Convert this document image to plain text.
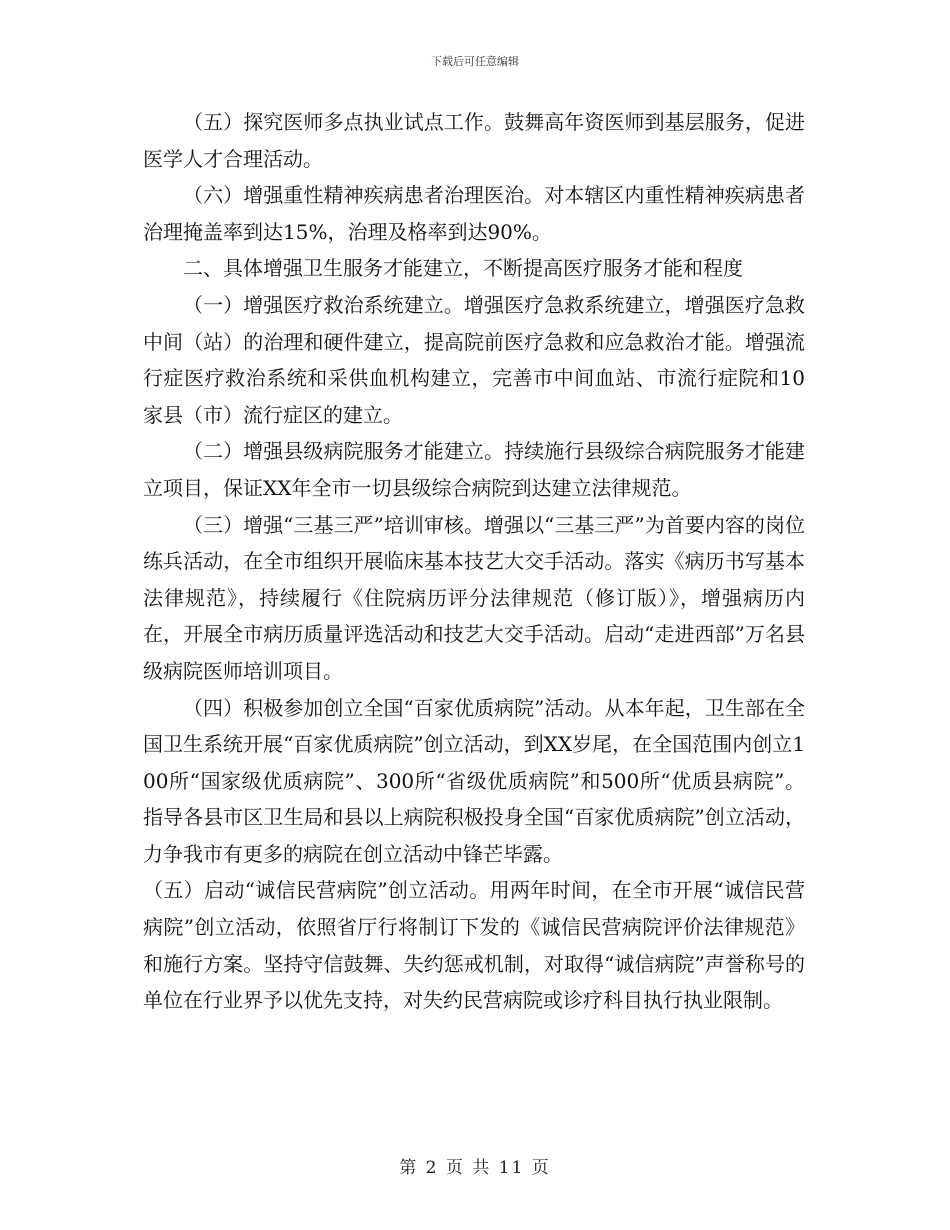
下载后可任意编辑

（五）探究医师多点执业试点工作。鼓舞高年资医师到基层服务，促进医学人才合理活动。

（六）增强重性精神疾病患者治理医治。对本辖区内重性精神疾病患者治理掩盖率到达15%，治理及格率到达90%。

二、具体增强卫生服务才能建立，不断提高医疗服务才能和程度

（一）增强医疗救治系统建立。增强医疗急救系统建立，增强医疗急救中间（站）的治理和硬件建立，提高院前医疗急救和应急救治才能。增强流行症医疗救治系统和采供血机构建立，完善市中间血站、市流行症院和10家县（市）流行症区的建立。

（二）增强县级病院服务才能建立。持续施行县级综合病院服务才能建立项目，保证XX年全市一切县级综合病院到达建立法律规范。

（三）增强“三基三严”培训审核。增强以“三基三严”为首要内容的岗位练兵活动，在全市组织开展临床基本技艺大交手活动。落实《病历书写基本法律规范》，持续履行《住院病历评分法律规范（修订版）》，增强病历内在，开展全市病历质量评选活动和技艺大交手活动。启动“走进西部”万名县级病院医师培训项目。

（四）积极参加创立全国“百家优质病院”活动。从本年起，卫生部在全国卫生系统开展“百家优质病院”创立活动，到XX岁尾，在全国范围内创立100所“国家级优质病院”、300所“省级优质病院”和500所“优质县病院”。指导各县市区卫生局和县以上病院积极投身全国“百家优质病院”创立活动，力争我市有更多的病院在创立活动中锋芒毕露。

（五）启动“诚信民营病院”创立活动。用两年时间，在全市开展“诚信民营病院”创立活动，依照省厅行将制订下发的《诚信民营病院评价法律规范》和施行方案。坚持守信鼓舞、失约惩戒机制，对取得“诚信病院”声誉称号的单位在行业界予以优先支持，对失约民营病院或诊疗科目执行执业限制。

第 2 页 共 11 页
